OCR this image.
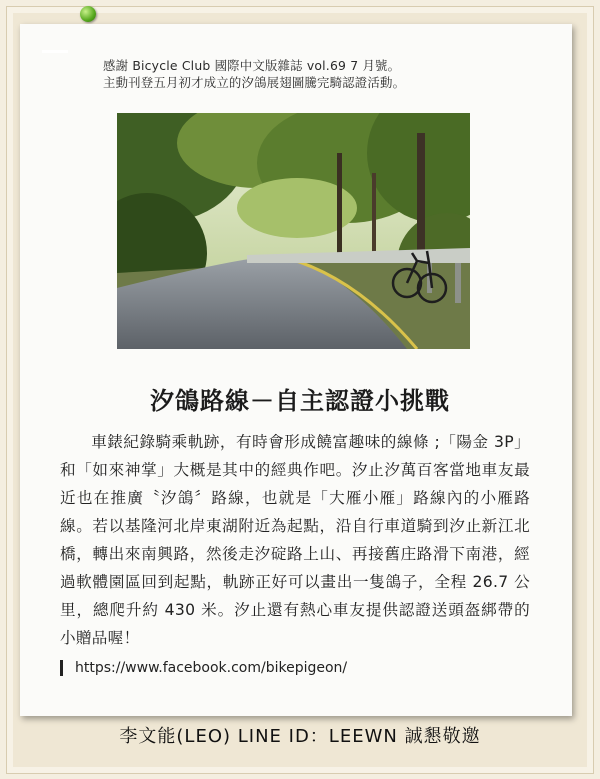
感謝 Bicycle Club 國際中文版雜誌 vol.69 7 月號。
主動刊登五月初才成立的汐鴿展翅圖騰完騎認證活動。
汐鴿路線－自主認證小挑戰
車錶紀錄騎乘軌跡，有時會形成饒富趣味的線條 ;「陽金 3P」和「如來神掌」大概是其中的經典作吧。汐止汐萬百客當地車友最近也在推廣〝汐鴿〞路線，也就是「大雁小雁」路線內的小雁路線。若以基隆河北岸東湖附近為起點，沿自行車道騎到汐止新江北橋，轉出來南興路，然後走汐碇路上山、再接舊庄路滑下南港，經過軟體園區回到起點，軌跡正好可以畫出一隻鴿子，全程 26.7 公里，總爬升約 430 米。汐止還有熱心車友提供認證送頭盔綁帶的小贈品喔！
https://www.facebook.com/bikepigeon/
李文能(LEO) LINE ID：LEEWN 誠懇敬邀
